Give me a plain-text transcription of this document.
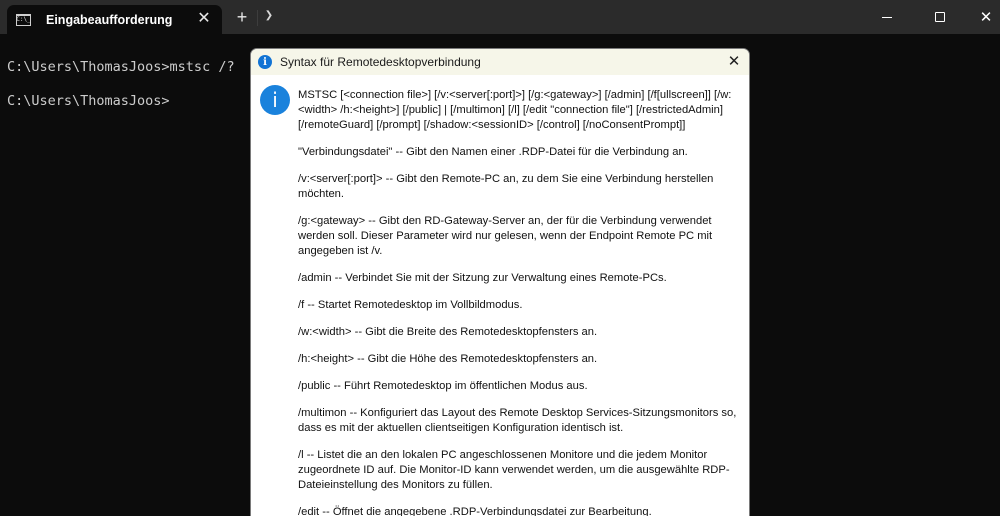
C:\_ Eingabeaufforderung ✕ +	❯	✕
C:\Users\ThomasJoos>mstsc /?
C:\Users\ThomasJoos>
i	Syntax für Remotedesktopverbindung	✕
i	MSTSC [<connection file>] [/v:<server[:port]>] [/g:<gateway>] [/admin] [/f[ullscreen]] [/w:<width> /h:<height>] [/public] | [/multimon] [/l] [/edit "connection file"] [/restrictedAdmin] [/remoteGuard] [/prompt] [/shadow:<sessionID> [/control] [/noConsentPrompt]]

"Verbindungsdatei" -- Gibt den Namen einer .RDP-Datei für die Verbindung an.

/v:<server[:port]> -- Gibt den Remote-PC an, zu dem Sie eine Verbindung herstellen möchten.

/g:<gateway> -- Gibt den RD-Gateway-Server an, der für die Verbindung verwendet werden soll. Dieser Parameter wird nur gelesen, wenn der Endpoint Remote PC mit angegeben ist /v.

/admin -- Verbindet Sie mit der Sitzung zur Verwaltung eines Remote-PCs.

/f -- Startet Remotedesktop im Vollbildmodus.

/w:<width> -- Gibt die Breite des Remotedesktopfensters an.

/h:<height> -- Gibt die Höhe des Remotedesktopfensters an.

/public -- Führt Remotedesktop im öffentlichen Modus aus.

/multimon -- Konfiguriert das Layout des Remote Desktop Services-Sitzungsmonitors so, dass es mit der aktuellen clientseitigen Konfiguration identisch ist.

/l -- Listet die an den lokalen PC angeschlossenen Monitore und die jedem Monitor zugeordnete ID auf. Die Monitor-ID kann verwendet werden, um die ausgewählte RDP-Dateieinstellung des Monitors zu füllen.

/edit -- Öffnet die angegebene .RDP-Verbindungsdatei zur Bearbeitung.
